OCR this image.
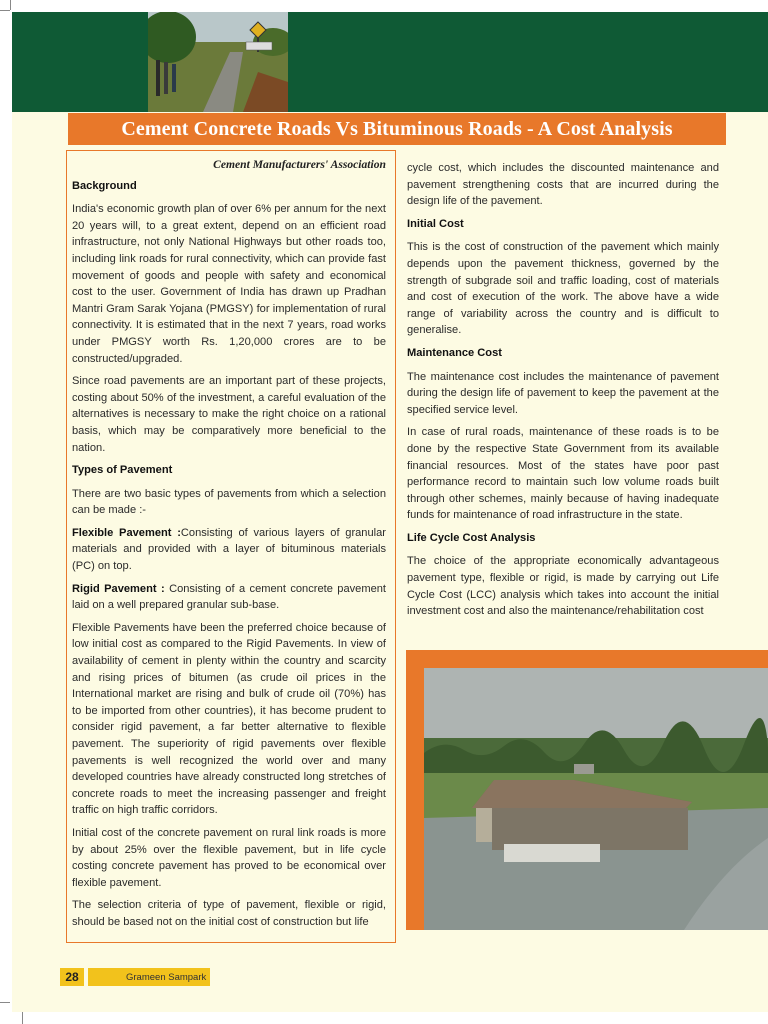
Cement Concrete Roads Vs Bituminous Roads - A Cost Analysis
Cement Manufacturers' Association
Background

India's economic growth plan of over 6% per annum for the next 20 years will, to a great extent, depend on an efficient road infrastructure, not only National Highways but other roads too, including link roads for rural connectivity, which can provide fast movement of goods and people with safety and economical cost to the user. Government of India has drawn up Pradhan Mantri Gram Sarak Yojana (PMGSY) for implementation of rural connectivity. It is estimated that in the next 7 years, road works under PMGSY worth Rs. 1,20,000 crores are to be constructed/upgraded.

Since road pavements are an important part of these projects, costing about 50% of the investment, a careful evaluation of the alternatives is necessary to make the right choice on a rational basis, which may be comparatively more beneficial to the nation.

Types of Pavement

There are two basic types of pavements from which a selection can be made :-

Flexible Pavement :Consisting of various layers of granular materials and provided with a layer of bituminous materials (PC) on top.

Rigid Pavement : Consisting of a cement concrete pavement laid on a well prepared granular sub-base.

Flexible Pavements have been the preferred choice because of low initial cost as compared to the Rigid Pavements. In view of availability of cement in plenty within the country and scarcity and rising prices of bitumen (as crude oil prices in the International market are rising and bulk of crude oil (70%) has to be imported from other countries), it has become prudent to consider rigid pavement, a far better alternative to flexible pavement. The superiority of rigid pavements over flexible pavements is well recognized the world over and many developed countries have already constructed long stretches of concrete roads to meet the increasing passenger and freight traffic on high traffic corridors.

Initial cost of the concrete pavement on rural link roads is more by about 25% over the flexible pavement, but in life cycle costing concrete pavement has proved to be economical over flexible pavement.

The selection criteria of type of pavement, flexible or rigid, should be based not on the initial cost of construction but life

cycle cost, which includes the discounted maintenance and pavement strengthening costs that are incurred during the design life of the pavement.

Initial Cost

This is the cost of construction of the pavement which mainly depends upon the pavement thickness, governed by the strength of subgrade soil and traffic loading, cost of materials and cost of execution of the work. The above have a wide range of variability across the country and is difficult to generalise.

Maintenance Cost

The maintenance cost includes the maintenance of pavement during the design life of pavement to keep the pavement at the specified service level.

In case of rural roads, maintenance of these roads is to be done by the respective State Government from its available financial resources. Most of the states have poor past performance record to maintain such low volume roads built through other schemes, mainly because of having inadequate funds for maintenance of road infrastructure in the state.

Life Cycle Cost Analysis

The choice of the appropriate economically advantageous pavement type, flexible or rigid, is made by carrying out Life Cycle Cost (LCC) analysis which takes into account the initial investment cost and also the maintenance/rehabilitation cost

28	Grameen Sampark
